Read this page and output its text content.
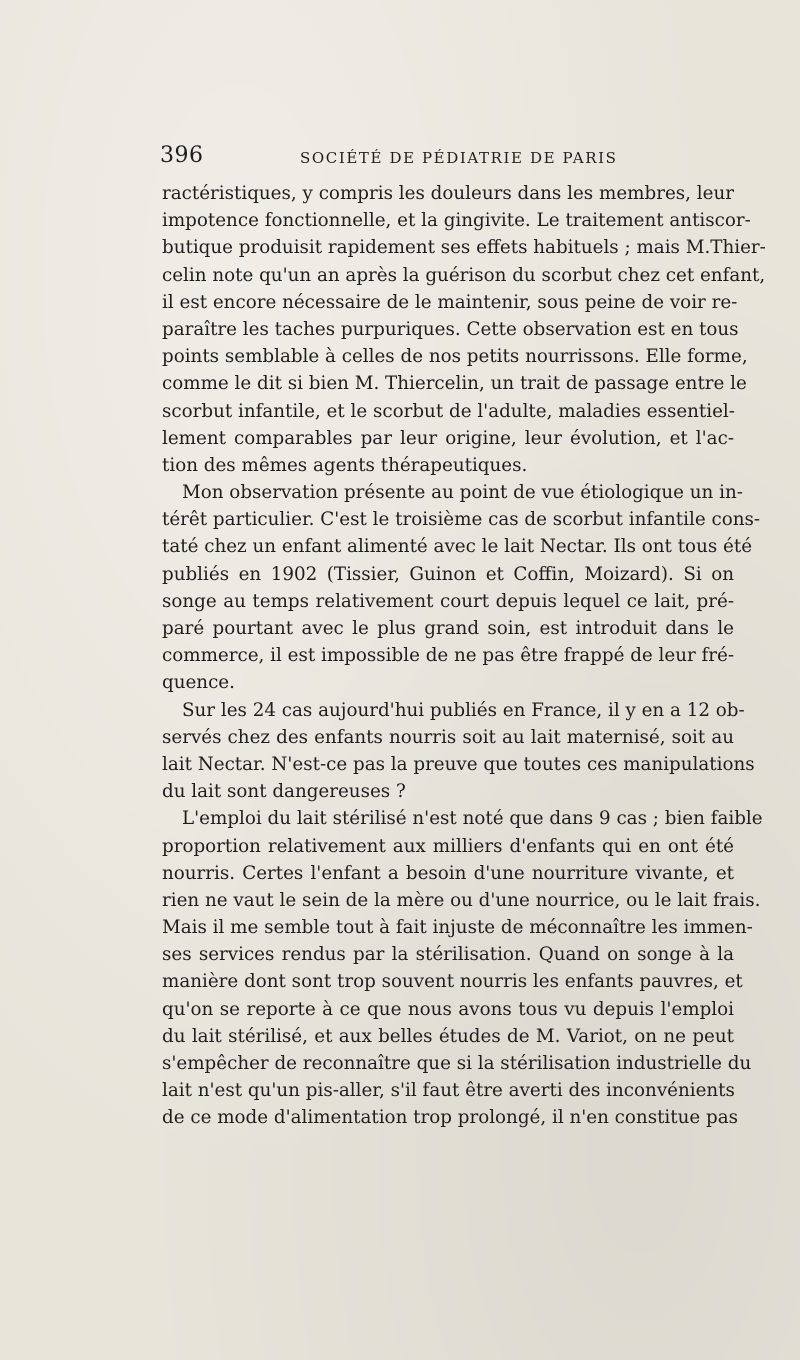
396	SOCIÉTÉ DE PÉDIATRIE DE PARIS
ractéristiques, y compris les douleurs dans les membres, leur
impotence fonctionnelle, et la gingivite. Le traitement antiscor-
butique produisit rapidement ses effets habituels ; mais M.Thier-
celin note qu'un an après la guérison du scorbut chez cet enfant,
il est encore nécessaire de le maintenir, sous peine de voir re-
paraître les taches purpuriques. Cette observation est en tous
points semblable à celles de nos petits nourrissons. Elle forme,
comme le dit si bien M. Thiercelin, un trait de passage entre le
scorbut infantile, et le scorbut de l'adulte, maladies essentiel-
lement comparables par leur origine, leur évolution, et l'ac-
tion des mêmes agents thérapeutiques.
Mon observation présente au point de vue étiologique un in-
térêt particulier. C'est le troisième cas de scorbut infantile cons-
taté chez un enfant alimenté avec le lait Nectar. Ils ont tous été
publiés en 1902 (Tissier, Guinon et Coffin, Moizard). Si on
songe au temps relativement court depuis lequel ce lait, pré-
paré pourtant avec le plus grand soin, est introduit dans le
commerce, il est impossible de ne pas être frappé de leur fré-
quence.
Sur les 24 cas aujourd'hui publiés en France, il y en a 12 ob-
servés chez des enfants nourris soit au lait maternisé, soit au
lait Nectar. N'est-ce pas la preuve que toutes ces manipulations
du lait sont dangereuses ?
L'emploi du lait stérilisé n'est noté que dans 9 cas ; bien faible
proportion relativement aux milliers d'enfants qui en ont été
nourris. Certes l'enfant a besoin d'une nourriture vivante, et
rien ne vaut le sein de la mère ou d'une nourrice, ou le lait frais.
Mais il me semble tout à fait injuste de méconnaître les immen-
ses services rendus par la stérilisation. Quand on songe à la
manière dont sont trop souvent nourris les enfants pauvres, et
qu'on se reporte à ce que nous avons tous vu depuis l'emploi
du lait stérilisé, et aux belles études de M. Variot, on ne peut
s'empêcher de reconnaître que si la stérilisation industrielle du
lait n'est qu'un pis-aller, s'il faut être averti des inconvénients
de ce mode d'alimentation trop prolongé, il n'en constitue pas
